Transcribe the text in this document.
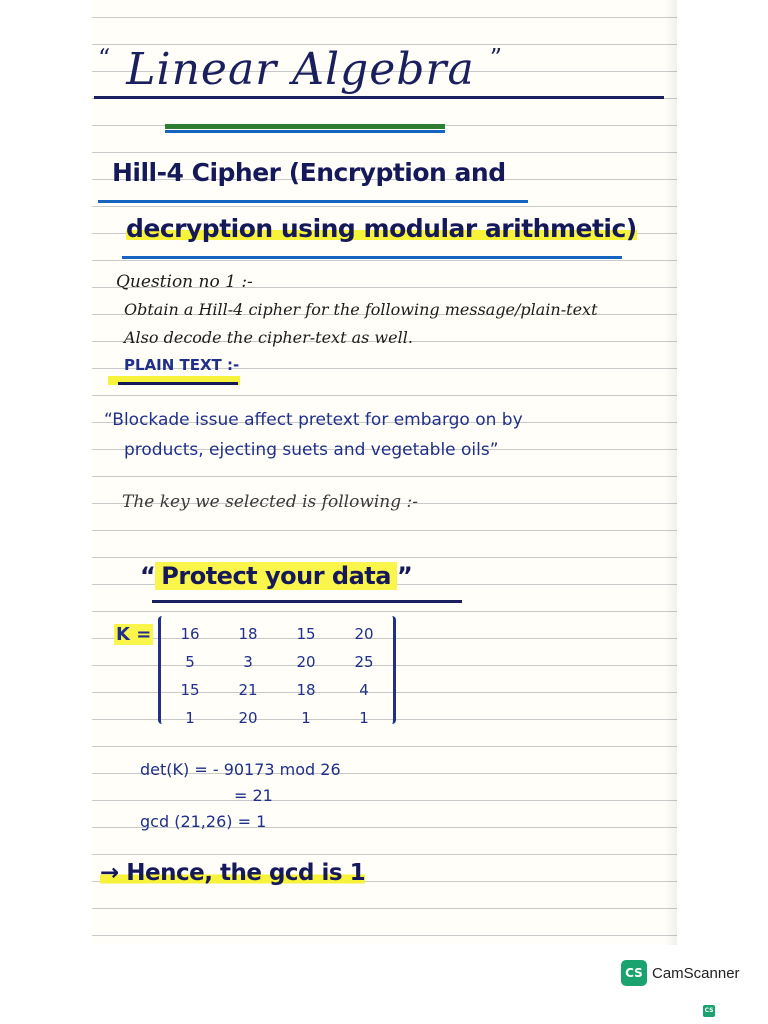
“ Linear Algebra ”
Hill-4 Cipher (Encryption and
decryption using modular arithmetic)
Question no 1 :-
Obtain a Hill-4 cipher for the following message/plain-text
Also decode the cipher-text as well.
PLAIN TEXT :-
“Blockade issue affect pretext for embargo on by
products, ejecting suets and vegetable oils”
The key we selected is following :-
“ Protect your data ”
K = 16	18	15	20
5	3	20	25
15	21	18	4
1	20	1	1
det(K) = - 90173 mod 26
= 21
gcd (21,26) = 1
→ Hence, the gcd is 1
CS CamScanner
CS
